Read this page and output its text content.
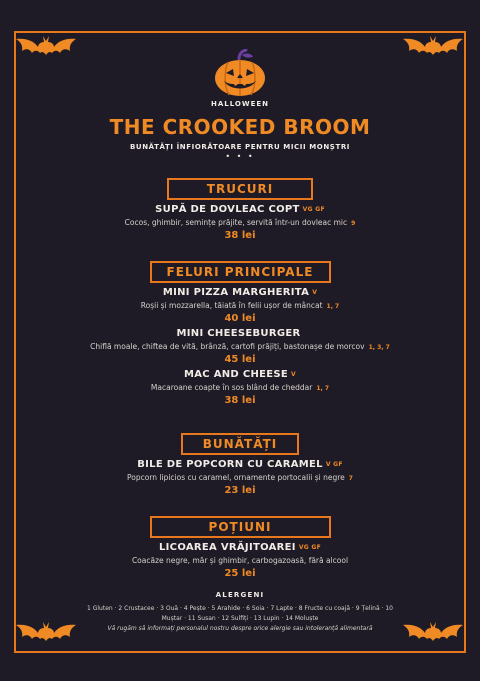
HALLOWEEN
THE CROOKED BROOM
BUNĂTĂȚI ÎNFIORĂTOARE PENTRU MICII MONȘTRI
• • •
TRUCURI
SUPĂ DE DOVLEAC COPT VG GF
Cocos, ghimbir, semințe prăjite, servită într-un dovleac mic 9
38 lei
FELURI PRINCIPALE
MINI PIZZA MARGHERITA V
Roșii și mozzarella, tăiată în felii ușor de mâncat 1, 7
40 lei
MINI CHEESEBURGER
Chiflă moale, chiftea de vită, brânză, cartofi prăjiți, bastonașe de morcov 1, 3, 7
45 lei
MAC AND CHEESE V
Macaroane coapte în sos blând de cheddar 1, 7
38 lei
BUNĂTĂȚI
BILE DE POPCORN CU CARAMEL V GF
Popcorn lipicios cu caramel, ornamente portocalii și negre 7
23 lei
POȚIUNI
LICOAREA VRĂJITOAREI VG GF
Coacăze negre, măr și ghimbir, carbogazoasă, fără alcool
25 lei
ALERGENI
1 Gluten · 2 Crustacee · 3 Ouă · 4 Pește · 5 Arahide · 6 Soia · 7 Lapte · 8 Fructe cu coajă · 9 Țelină · 10 Muștar · 11 Susan · 12 Sulfiți · 13 Lupin · 14 Moluște
Vă rugăm să informați personalul nostru despre orice alergie sau intoleranță alimentară
